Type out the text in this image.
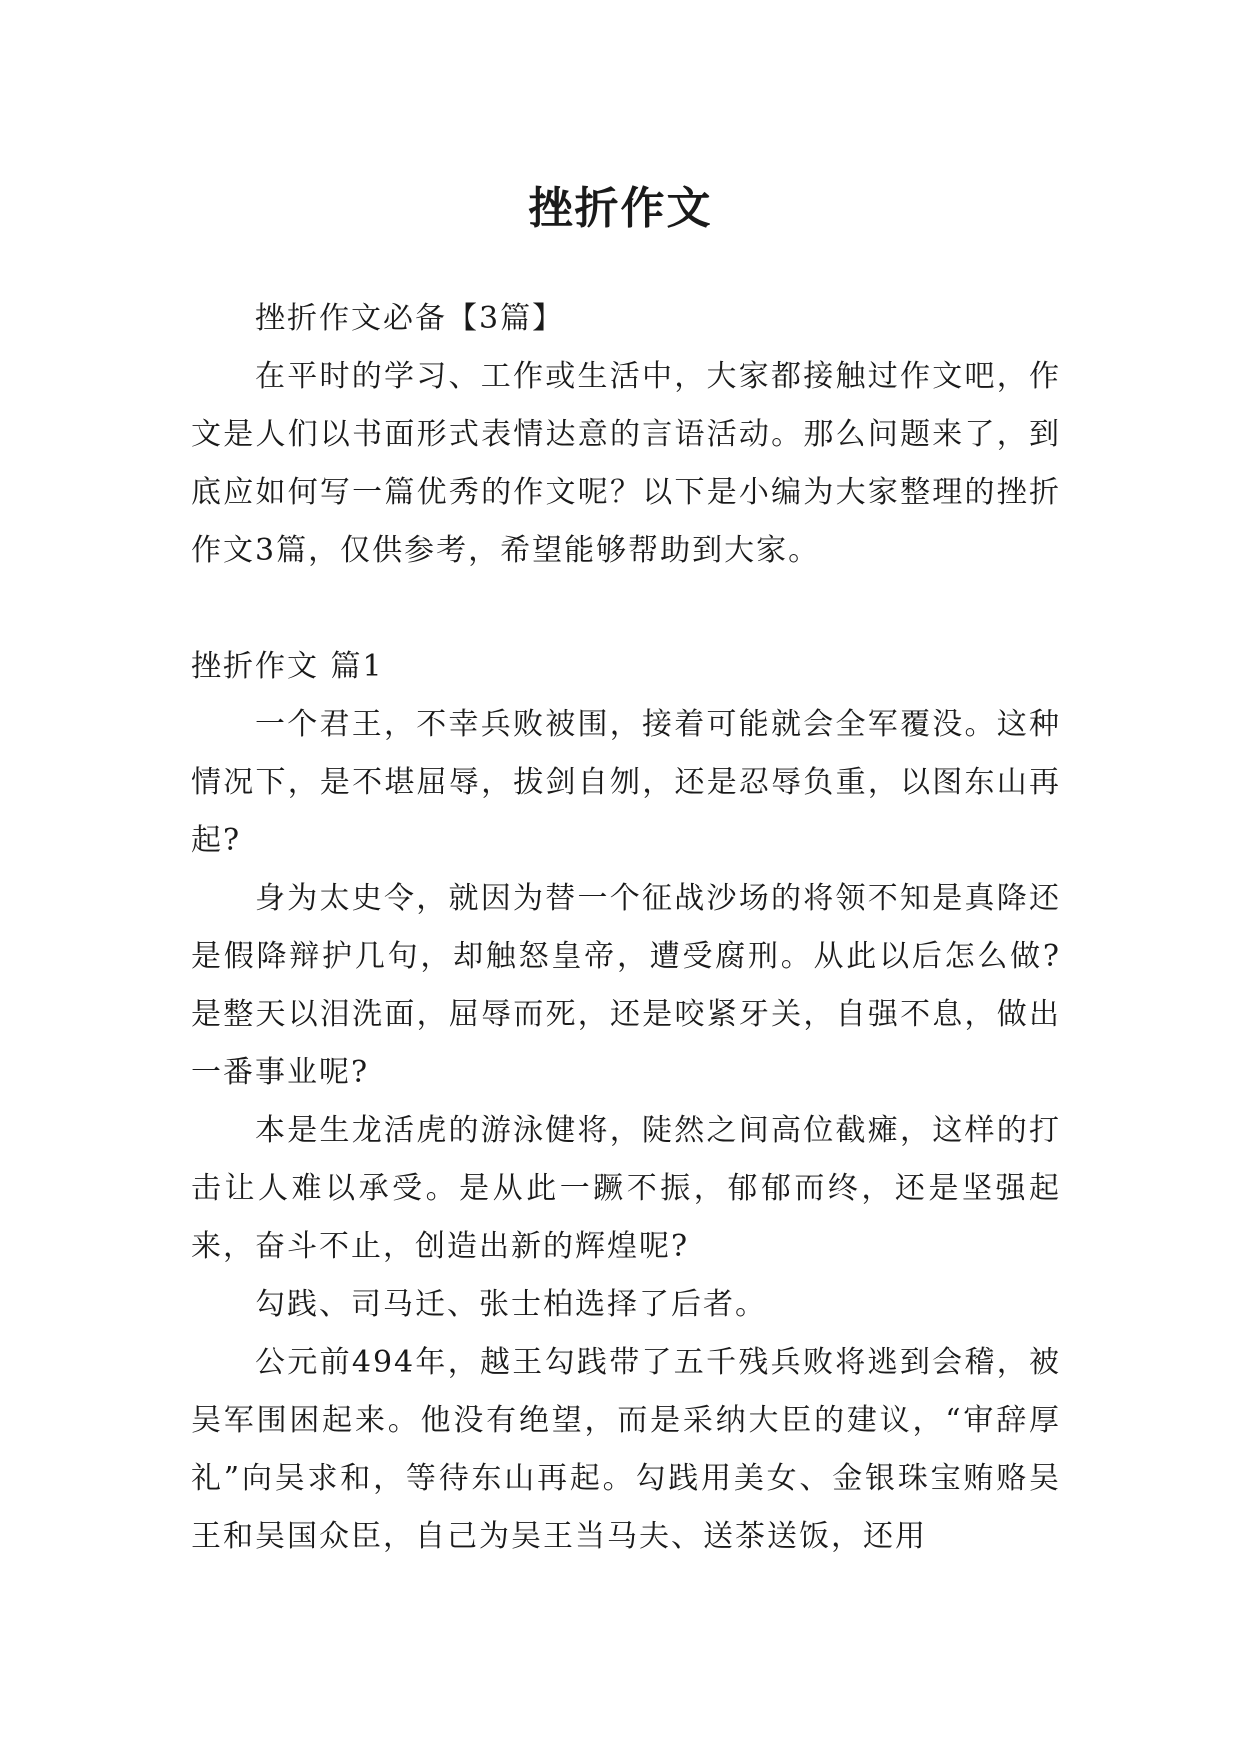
挫折作文

挫折作文必备【3篇】

在平时的学习、工作或生活中，大家都接触过作文吧，作文是人们以书面形式表情达意的言语活动。那么问题来了，到底应如何写一篇优秀的作文呢？以下是小编为大家整理的挫折作文3篇，仅供参考，希望能够帮助到大家。

挫折作文 篇1

一个君王，不幸兵败被围，接着可能就会全军覆没。这种情况下，是不堪屈辱，拔剑自刎，还是忍辱负重，以图东山再起?

身为太史令，就因为替一个征战沙场的将领不知是真降还是假降辩护几句，却触怒皇帝，遭受腐刑。从此以后怎么做?是整天以泪洗面，屈辱而死，还是咬紧牙关，自强不息，做出一番事业呢?

本是生龙活虎的游泳健将，陡然之间高位截瘫，这样的打击让人难以承受。是从此一蹶不振，郁郁而终，还是坚强起来，奋斗不止，创造出新的辉煌呢?

勾践、司马迁、张士柏选择了后者。

公元前494年，越王勾践带了五千残兵败将逃到会稽，被吴军围困起来。他没有绝望，而是采纳大臣的建议，“审辞厚礼”向吴求和，等待东山再起。勾践用美女、金银珠宝贿赂吴王和吴国众臣，自己为吴王当马夫、送茶送饭，还用
